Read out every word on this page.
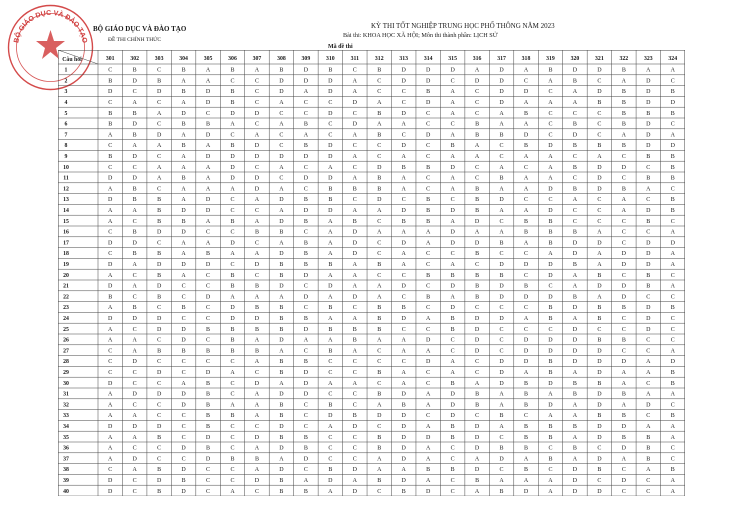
BỘ GIÁO DỤC VÀ ĐÀO TẠO
BỘ GIÁO DỤC VÀ ĐÀO TẠO
ĐỀ THI CHÍNH THỨC
KỲ THI TỐT NGHIỆP TRUNG HỌC PHỔ THÔNG NĂM 2023
Bài thi: KHOA HỌC XÃ HỘI; Môn thi thành phần: LỊCH SỬ
Mã đề thi
Câu hỏi	301	302	303	304	305	306	307	308	309	310	311	312	313	314	315	316	317	318	319	320	321	322	323	324
1	C	B	C	B	A	B	A	B	D	B	C	B	D	D	D	A	D	A	B	D	D	B	A	A
2	B	D	B	A	A	C	C	D	D	D	A	C	D	D	C	D	D	C	A	B	C	A	D	C
3	D	C	D	B	D	B	C	D	A	D	A	C	C	B	A	C	D	D	C	A	D	B	D	B
4	C	A	C	A	D	B	C	A	C	C	D	A	C	D	A	C	D	A	A	A	B	B	D	D
5	B	B	A	D	C	D	D	C	C	D	C	B	D	C	A	C	A	B	C	C	C	B	B	B
6	B	D	C	B	B	A	C	A	B	C	D	A	A	C	C	B	A	A	C	B	C	B	D	C
7	A	B	D	A	D	C	A	C	A	C	A	B	C	D	A	B	B	D	C	D	C	A	D	A
8	C	A	A	B	A	B	D	C	B	D	C	C	D	C	B	A	C	B	D	B	B	B	D	D
9	B	D	C	A	D	D	D	D	D	D	A	C	A	C	A	A	C	A	A	C	A	C	B	B
10	C	C	A	A	A	D	C	A	C	A	C	D	B	B	D	C	A	C	A	B	D	D	C	B
11	D	D	A	B	A	D	D	C	D	D	A	B	A	C	A	C	B	A	A	C	D	C	B	B
12	A	B	C	A	A	A	D	A	C	B	B	B	A	C	A	B	A	A	D	B	D	B	A	C
13	D	B	B	A	D	C	A	D	B	B	C	D	C	B	C	B	D	C	C	A	C	A	C	B
14	A	A	B	D	D	C	C	A	D	D	A	A	D	B	D	B	A	A	D	C	C	A	D	B
15	A	C	B	B	A	B	A	D	B	A	B	C	B	B	A	D	C	B	B	C	C	C	B	C
16	C	B	D	D	C	C	B	B	C	A	D	A	A	A	D	A	A	B	B	B	A	C	C	A
17	D	D	C	A	A	D	C	A	B	A	D	C	D	A	D	D	B	A	B	D	D	C	D	D
18	C	B	B	A	B	A	A	D	B	A	D	C	A	C	C	B	C	C	A	D	A	D	D	A
19	D	A	D	D	D	C	D	B	B	B	A	B	A	C	A	C	D	D	D	B	A	D	D	A
20	A	C	B	A	C	B	C	B	D	A	A	C	C	B	B	B	B	C	D	A	B	C	B	C
21	D	A	D	C	C	B	B	D	C	D	A	A	D	C	D	B	D	B	C	A	D	D	B	A
22	B	C	B	C	D	A	A	A	D	A	D	A	C	B	A	B	D	D	D	B	A	D	C	C
23	A	B	C	B	C	D	B	B	C	B	C	B	B	C	D	C	C	C	B	D	B	B	D	B
24	D	D	D	C	C	D	D	B	B	A	A	B	D	A	B	D	D	A	B	A	B	C	D	C
25	A	C	D	D	B	B	B	B	D	B	B	B	C	C	B	D	C	C	C	D	C	C	D	C
26	A	A	C	D	C	B	A	D	A	A	B	A	A	D	C	D	C	D	D	D	B	B	C	C
27	C	A	B	B	B	B	B	A	C	B	A	C	A	A	C	D	C	D	D	D	D	C	C	A
28	C	D	C	C	C	C	A	B	B	C	C	C	C	D	A	C	D	D	B	D	D	D	A	D
29	C	C	D	C	D	A	C	B	D	C	C	B	A	C	A	C	D	A	B	A	D	A	A	B
30	D	C	C	A	B	C	D	A	D	A	A	C	A	C	B	A	D	B	D	B	B	A	C	B
31	A	D	D	D	B	C	A	D	D	C	C	B	D	A	D	B	A	B	A	B	D	B	A	A
32	A	C	C	D	B	A	A	B	C	B	C	A	B	A	D	B	A	B	D	A	D	A	D	C
33	A	A	C	C	B	B	A	B	C	D	B	D	D	C	D	C	B	C	A	A	B	B	C	B
34	D	D	D	C	B	C	C	D	C	A	D	C	D	A	B	D	A	B	B	B	D	D	A	A
35	A	A	B	C	D	C	D	B	B	C	C	B	D	D	B	D	C	B	B	A	D	B	B	A
36	A	C	C	D	B	C	A	D	B	C	C	B	D	A	C	D	B	B	C	B	C	D	B	C
37	A	D	C	C	D	B	B	A	D	C	C	A	D	A	C	A	D	A	B	A	D	A	B	C
38	C	A	B	D	C	C	A	D	C	B	D	A	A	B	B	D	C	B	C	D	B	C	A	B
39	D	C	D	B	C	C	D	B	A	D	A	B	D	A	C	B	A	A	A	D	C	D	C	A
40	D	C	B	D	C	A	C	B	B	A	D	C	B	D	C	A	B	D	A	D	D	C	C	A
